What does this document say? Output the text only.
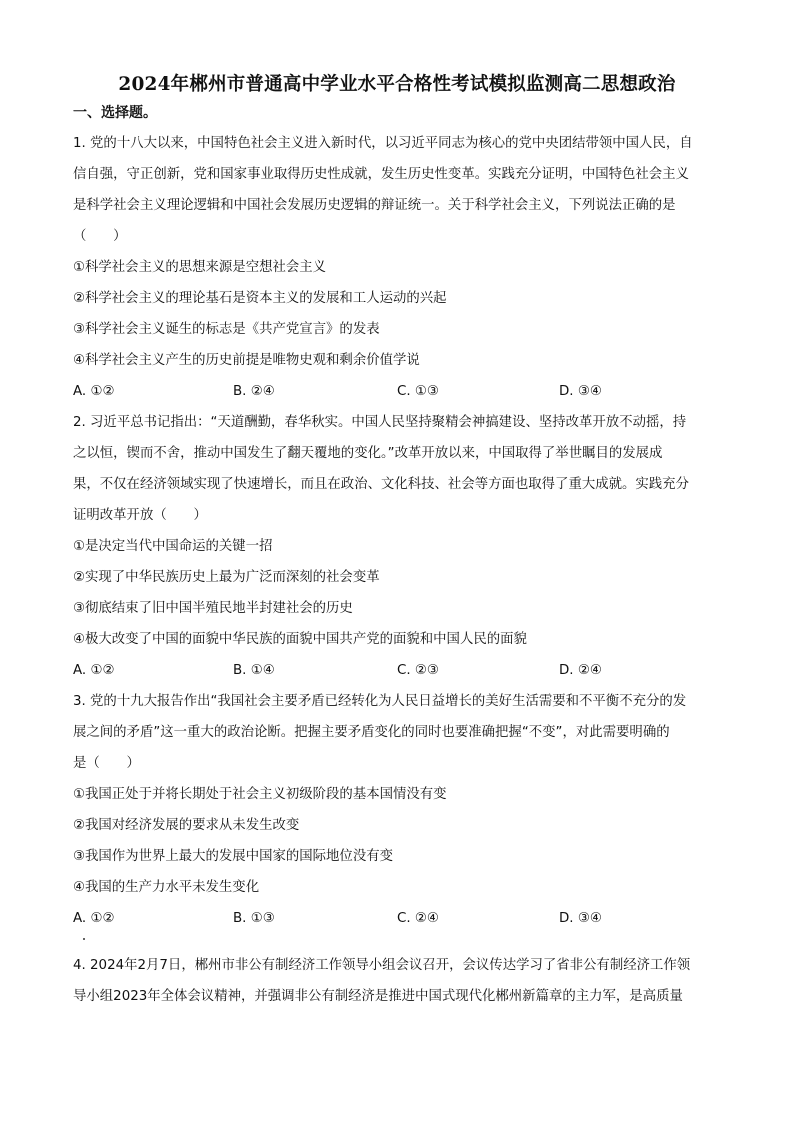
2024年郴州市普通高中学业水平合格性考试模拟监测高二思想政治
一、选择题。
1. 党的十八大以来，中国特色社会主义进入新时代，以习近平同志为核心的党中央团结带领中国人民，自
信自强，守正创新，党和国家事业取得历史性成就，发生历史性变革。实践充分证明，中国特色社会主义
是科学社会主义理论逻辑和中国社会发展历史逻辑的辩证统一。关于科学社会主义，下列说法正确的是
（　　）
①科学社会主义的思想来源是空想社会主义
②科学社会主义的理论基石是资本主义的发展和工人运动的兴起
③科学社会主义诞生的标志是《共产党宣言》的发表
④科学社会主义产生的历史前提是唯物史观和剩余价值学说
A. ①②	B. ②④	C. ①③	D. ③④
2. 习近平总书记指出：“天道酬勤，春华秋实。中国人民坚持聚精会神搞建设、坚持改革开放不动摇，持
之以恒，锲而不舍，推动中国发生了翻天覆地的变化。”改革开放以来，中国取得了举世瞩目的发展成
果，不仅在经济领域实现了快速增长，而且在政治、文化科技、社会等方面也取得了重大成就。实践充分
证明改革开放（　　）
①是决定当代中国命运的关键一招
②实现了中华民族历史上最为广泛而深刻的社会变革
③彻底结束了旧中国半殖民地半封建社会的历史
④极大改变了中国的面貌中华民族的面貌中国共产党的面貌和中国人民的面貌
A. ①②	B. ①④	C. ②③	D. ②④
3. 党的十九大报告作出“我国社会主要矛盾已经转化为人民日益增长的美好生活需要和不平衡不充分的发
展之间的矛盾”这一重大的政治论断。把握主要矛盾变化的同时也要准确把握“不变”，对此需要明确的
是（　　）
①我国正处于并将长期处于社会主义初级阶段的基本国情没有变
②我国对经济发展的要求从未发生改变
③我国作为世界上最大的发展中国家的国际地位没有变
④我国的生产力水平未发生变化
A. ①②	B. ①③	C. ②④	D. ③④
4. 2024年2月7日，郴州市非公有制经济工作领导小组会议召开，会议传达学习了省非公有制经济工作领
导小组2023年全体会议精神，并强调非公有制经济是推进中国式现代化郴州新篇章的主力军，是高质量
